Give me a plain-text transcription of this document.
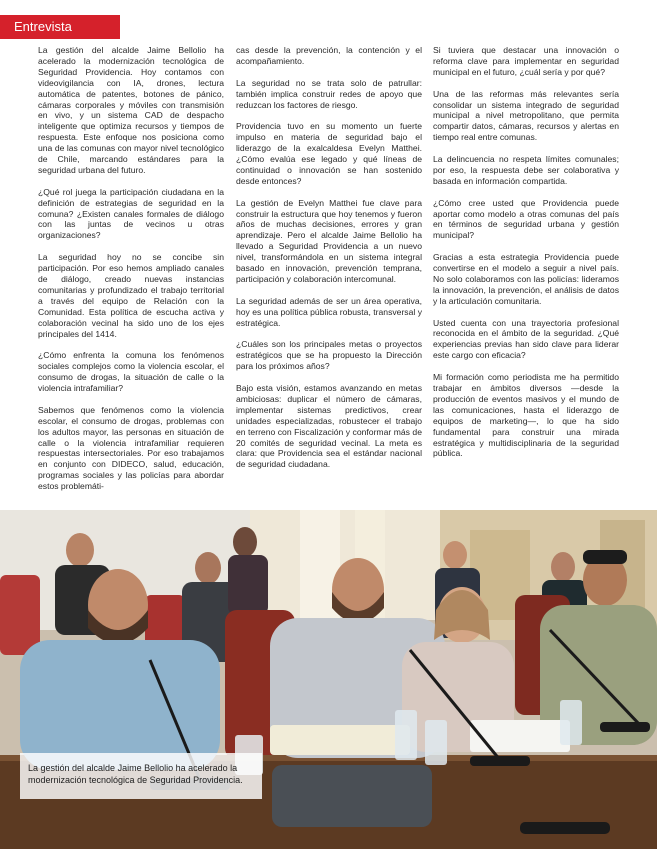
Entrevista

La gestión del alcalde Jaime Bellolio ha acelerado la modernización tecnológica de Seguridad Providencia. Hoy contamos con videovigilancia con IA, drones, lectura automática de patentes, botones de pánico, cámaras corporales y móviles con transmisión en vivo, y un sistema CAD de despacho inteligente que optimiza recursos y tiempos de respuesta. Este enfoque nos posiciona como una de las comunas con mayor nivel tecnológico de Chile, marcando estándares para la seguridad urbana del futuro.

¿Qué rol juega la participación ciudadana en la definición de estrategias de seguridad en la comuna? ¿Existen canales formales de diálogo con las juntas de vecinos u otras organizaciones?

La seguridad hoy no se concibe sin participación. Por eso hemos ampliado canales de diálogo, creado nuevas instancias comunitarias y profundizado el trabajo territorial a través del equipo de Relación con la Comunidad. Esta política de escucha activa y colaboración vecinal ha sido uno de los ejes principales del 1414.

¿Cómo enfrenta la comuna los fenómenos sociales complejos como la violencia escolar, el consumo de drogas, la situación de calle o la violencia intrafamiliar?

Sabemos que fenómenos como la violencia escolar, el consumo de drogas, problemas con los adultos mayor, las personas en situación de calle o la violencia intrafamiliar requieren respuestas intersectoriales. Por eso trabajamos en conjunto con DIDECO, salud, educación, programas sociales y las policías para abordar estos problemáti-

cas desde la prevención, la contención y el acompañamiento.

La seguridad no se trata solo de patrullar: también implica construir redes de apoyo que reduzcan los factores de riesgo.

Providencia tuvo en su momento un fuerte impulso en materia de seguridad bajo el liderazgo de la exalcaldesa Evelyn Matthei. ¿Cómo evalúa ese legado y qué líneas de continuidad o innovación se han sostenido desde entonces?

La gestión de Evelyn Matthei fue clave para construir la estructura que hoy tenemos y fueron años de muchas decisiones, errores y gran aprendizaje. Pero el alcalde Jaime Bellolio ha llevado a Seguridad Providencia a un nuevo nivel, transformándola en un sistema integral basado en innovación, prevención temprana, participación y colaboración intercomunal.

La seguridad además de ser un área operativa, hoy es una política pública robusta, transversal y estratégica.

¿Cuáles son los principales metas o proyectos estratégicos que se ha propuesto la Dirección para los próximos años?

Bajo esta visión, estamos avanzando en metas ambiciosas: duplicar el número de cámaras, implementar sistemas predictivos, crear unidades especializadas, robustecer el trabajo en terreno con Fiscalización y conformar más de 20 comités de seguridad vecinal. La meta es clara: que Providencia sea el estándar nacional de seguridad ciudadana.

Si tuviera que destacar una innovación o reforma clave para implementar en seguridad municipal en el futuro, ¿cuál sería y por qué?

Una de las reformas más relevantes sería consolidar un sistema integrado de seguridad municipal a nivel metropolitano, que permita compartir datos, cámaras, recursos y alertas en tiempo real entre comunas.

La delincuencia no respeta límites comunales; por eso, la respuesta debe ser colaborativa y basada en información compartida.

¿Cómo cree usted que Providencia puede aportar como modelo a otras comunas del país en términos de seguridad urbana y gestión municipal?

Gracias a esta estrategia Providencia puede convertirse en el modelo a seguir a nivel país. No solo colaboramos con las policías: lideramos la innovación, la prevención, el análisis de datos y la articulación comunitaria.

Usted cuenta con una trayectoria profesional reconocida en el ámbito de la seguridad. ¿Qué experiencias previas han sido clave para liderar este cargo con eficacia?

Mi formación como periodista me ha permitido trabajar en ámbitos diversos —desde la producción de eventos masivos y el mundo de las comunicaciones, hasta el liderazgo de equipos de marketing—, lo que ha sido fundamental para construir una mirada estratégica y multidisciplinaria de la seguridad pública.

La gestión del alcalde Jaime Bellolio ha acelerado la modernización tecnológica de Seguridad Providencia.
